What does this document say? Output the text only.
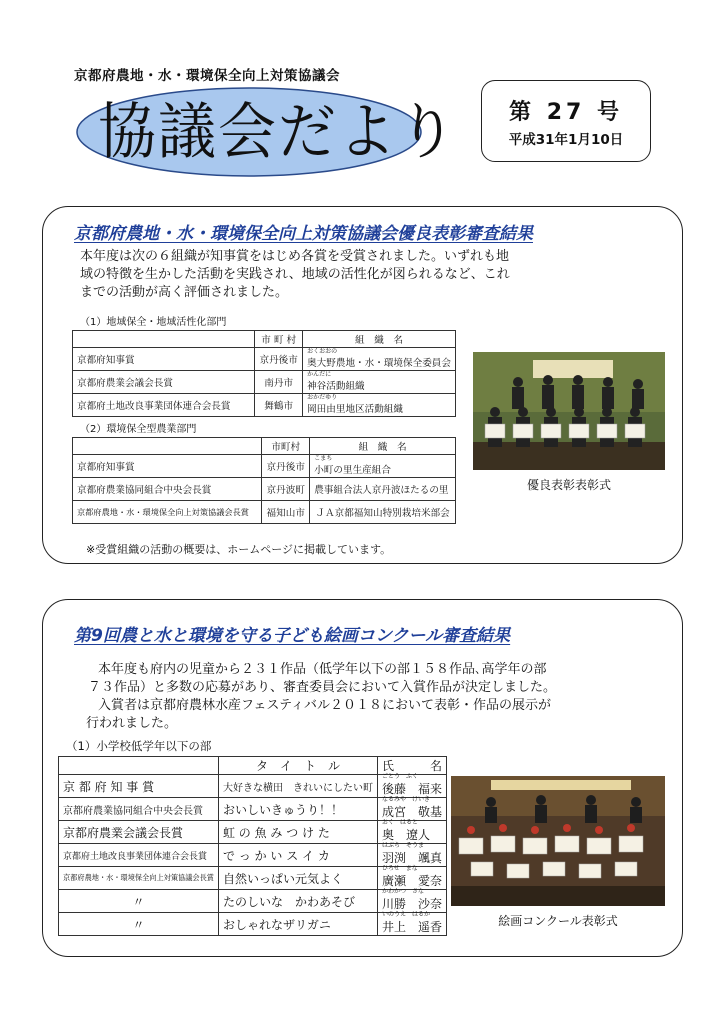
京都府農地・水・環境保全向上対策協議会
協議会だより	第 27 号
平成31年1月10日
京都府農地・水・環境保全向上対策協議会優良表彰審査結果
本年度は次の６組織が知事賞をはじめ各賞を受賞されました。いずれも地
域の特徴を生かした活動を実践され、地域の活性化が図られるなど、これ
までの活動が高く評価されました。
（1）地域保全・地域活性化部門
	市 町 村	組　織　名
京都府知事賞	京丹後市	おくおおの
奥大野農地・水・環境保全委員会
京都府農業会議会長賞	南丹市	かんだに
神谷活動組織
京都府土地改良事業団体連合会長賞	舞鶴市	おかだゆり
岡田由里地区活動組織
（2）環境保全型農業部門
	市町村	組　織　名
京都府知事賞	京丹後市	こまち
小町の里生産組合
京都府農業協同組合中央会長賞	京丹波町	農事組合法人京丹波ほたるの里
京都府農地・水・環境保全向上対策協議会長賞	福知山市	ＪＡ京都福知山特別栽培米部会
※受賞組織の活動の概要は、ホームページに掲載しています。
優良表彰表彰式
第9回農と水と環境を守る子ども絵画コンクール審査結果
本年度も府内の児童から２３１作品（低学年以下の部１５８作品､高学年の部
７３作品）と多数の応募があり、審査委員会において入賞作品が決定しました。
入賞者は京都府農林水産フェスティバル２０１８において表彰・作品の展示が
行われました。
（1）小学校低学年以下の部
	タ　イ　ト　ル	氏　　　名
京 都 府 知 事 賞	大好きな横田　きれいにしたい町	ごとう　ふく
後藤　福来
京都府農業協同組合中央会長賞	おいしいきゅうり！！	なるみや　けいき
成宮　敬基
京都府農業会議会長賞	虹 の 魚 み つ け た	おく　はると
奥　遼人
京都府土地改良事業団体連合会長賞	で っ か い ス イ カ	はぶち　そうま
羽渕　颯真
京都府農地・水・環境保全向上対策協議会長賞	自然いっぱい元気よく	ひろせ　まな
廣瀬　愛奈
〃	たのしいな　かわあそび	かわかつ　さな
川勝　沙奈
〃	おしゃれなザリガニ	いのうえ　はるか
井上　遥香	絵画コンクール表彰式
